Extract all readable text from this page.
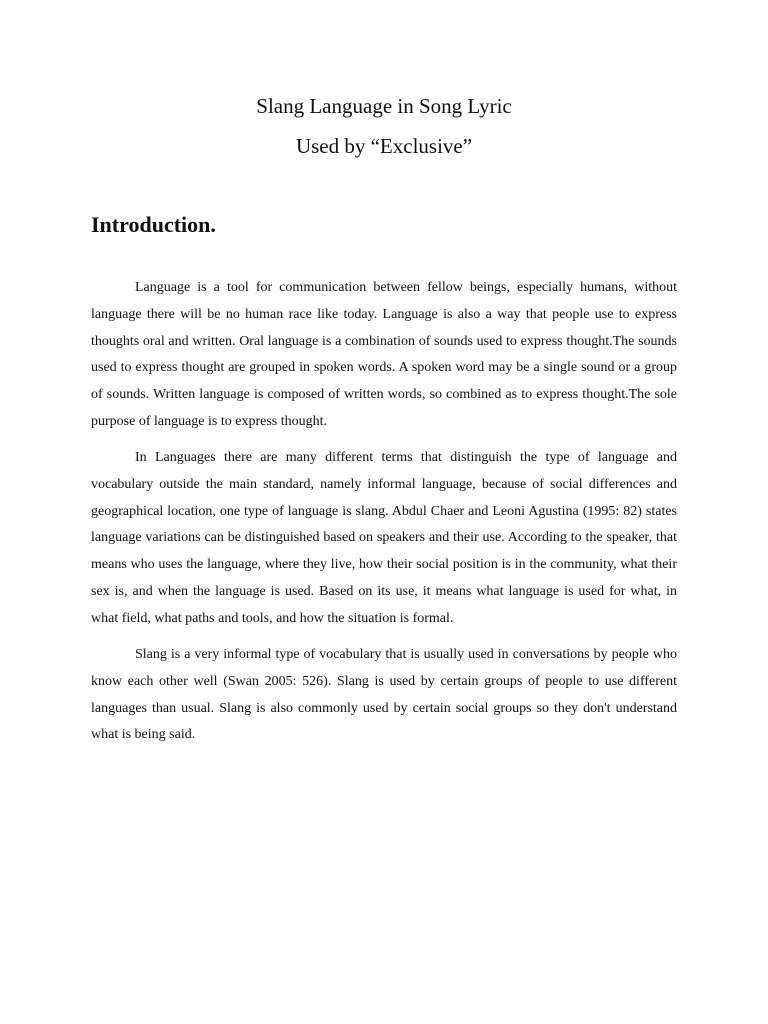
Slang Language in Song Lyric
Used by “Exclusive”
Introduction.

Language is a tool for communication between fellow beings, especially humans, without language there will be no human race like today. Language is also a way that people use to express thoughts oral and written. Oral language is a combination of sounds used to express thought.The sounds used to express thought are grouped in spoken words. A spoken word may be a single sound or a group of sounds. Written language is composed of written words, so combined as to express thought.The sole purpose of language is to express thought.

In Languages there are many different terms that distinguish the type of language and vocabulary outside the main standard, namely informal language, because of social differences and geographical location, one type of language is slang. Abdul Chaer and Leoni Agustina (1995: 82) states language variations can be distinguished based on speakers and their use. According to the speaker, that means who uses the language, where they live, how their social position is in the community, what their sex is, and when the language is used. Based on its use, it means what language is used for what, in what field, what paths and tools, and how the situation is formal.

Slang is a very informal type of vocabulary that is usually used in conversations by people who know each other well (Swan 2005: 526). Slang is used by certain groups of people to use different languages than usual. Slang is also commonly used by certain social groups so they don't understand what is being said.
